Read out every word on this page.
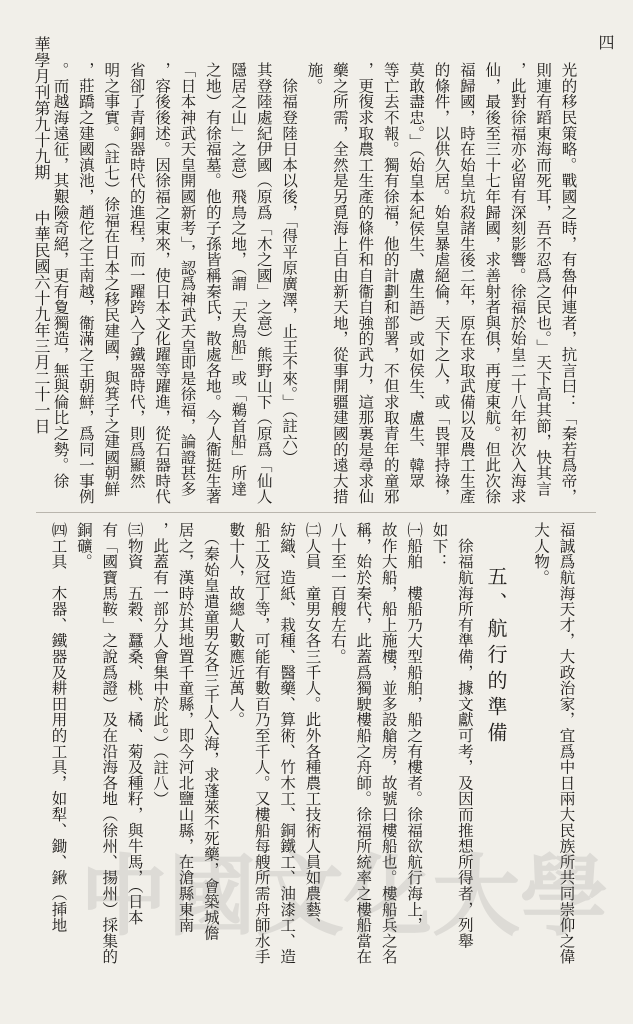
四
華學月刊第九十九期
中華民國六十九年三月二十一日	光的移民策略。戰國之時，有魯仲連者，抗言曰：「秦若爲帝，
則連有蹈東海而死耳，吾不忍爲之民也。」天下高其節，快其言
，此對徐福亦必留有深刻影響。徐福於始皇二十八年初次入海求
仙，最後至三十七年歸國，求善射者與俱，再度東航。但此次徐
福歸國，時在始皇坑殺諸生後二年，原在求取武備以及農工生產
的條件，以供久居。始皇暴虐絕倫，天下之人，或「畏罪持祿，
莫敢盡忠。」（始皇本紀侯生、盧生語）或如侯生、盧生、韓眾
等亡去不報。獨有徐福，他的計劃和部署，不但求取青年的童邪
，更復求取農工生產的條件和自衞自強的武力，這那裏是尋求仙
藥之所需，全然是另覓海上自由新天地，從事開疆建國的遠大措
施。
　徐福登陸日本以後，「得平原廣澤，止王不來。」（註六）
其登陸處紀伊國（原爲「木之國」之意）熊野山下（原爲「仙人
隱居之山」之意）飛鳥之地，（謂「天鳥船」或「鵜首船」所達
之地）有徐福墓。他的子孫皆稱秦氏，散處各地。今人衞挺生著
「日本神武天皇開國新考」，認爲神武天皇即是徐福，論證甚多
，容後後述。因徐福之東來，使日本文化躍等躍進，從石器時代
省卻了青銅器時代的進程，而一躍跨入了鐵器時代，則爲顯然
明之事實。（註七）徐福在日本之移民建國，與箕子之建國朝鮮
，莊蹻之建國滇池，趙佗之王南越，衞滿之王朝鮮，爲同一事例
。而越海遠征，其艱險奇絕，更有夐獨造，無與倫比之勢。徐
福誠爲航海天才，大政治家，宜爲中日兩大民族所共同崇仰之偉
大人物。
　徐福航海所有準備，據文獻可考，及因而推想所得者，列舉
如下：
㈠船舶　樓船乃大型船舶，船之有樓者。徐福欲航行海上，
故作大船，船上施樓，並多設艙房，故號曰樓船也。樓船兵之名
稱，始於秦代，此蓋爲獨駛樓船之舟師。徐福所統率之樓船當在
八十至一百艘左右。
㈡人員　童男女各三千人。此外各種農工技術人員如農藝、
紡織、造紙、栽種、醫藥、算術、竹木工、銅鐵工、油漆工、造
船工及冠丁等，可能有數百乃至千人。又樓船每艘所需舟師水手
數十人，故總人數應近萬人。
　（秦始皇遣童男女各三千人入海，求蓬萊不死藥，會築城儋
居之，漢時於其地置千童縣，即今河北鹽山縣，在滄縣東南
，此蓋有一部分人會集中於此。）（註八）
㈢物資　五穀、蠶桑、桃、橘、菊及種籽，與牛馬，（日本
有「國寶馬鞍」之說爲證）及在沿海各地（徐州、揚州）採集的
銅礦。
㈣工具　木器、鐵器及耕田用的工具，如犁、鋤、鍬（揷地	五、航行的準備
中 國 文 化 大 學
